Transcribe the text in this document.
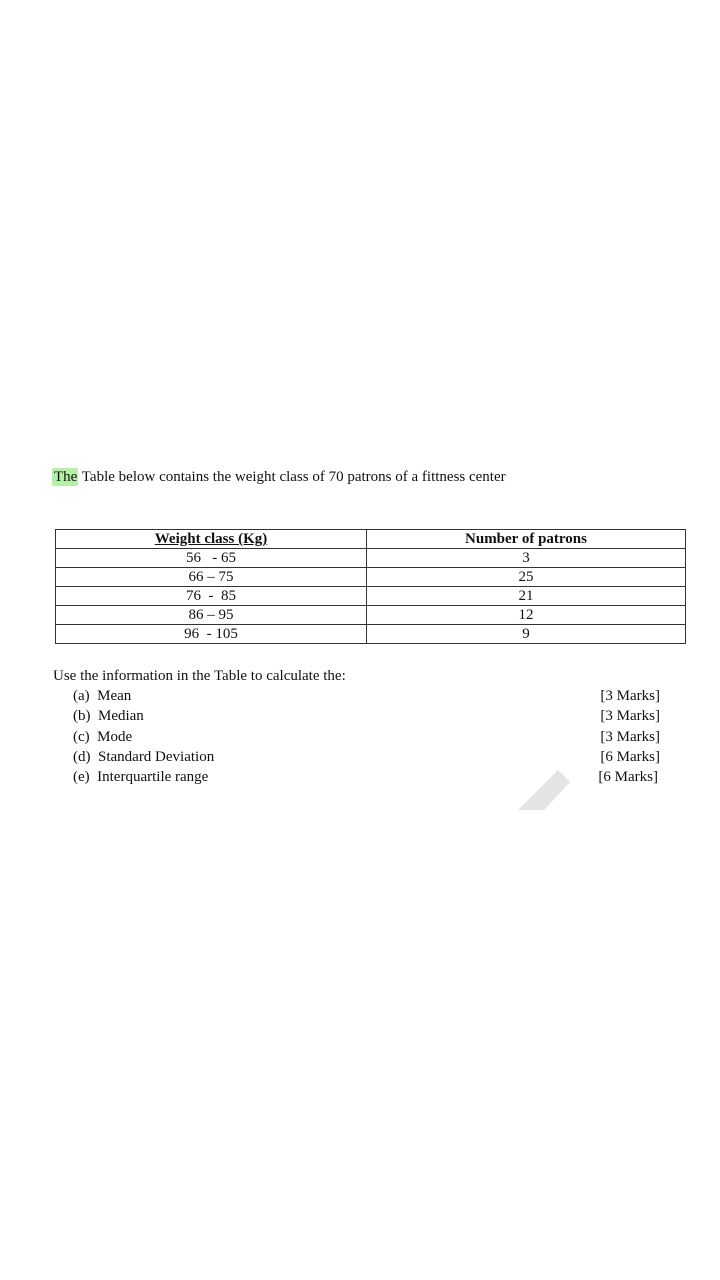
The Table below contains the weight class of 70 patrons of a fittness center
Weight class (Kg)	Number of patrons
56   - 65	3
66 – 75	25
76  -  85	21
86 – 95	12
96  - 105	9
Use the information in the Table to calculate the:
(a)  Mean	[3 Marks]
(b)  Median	[3 Marks]
(c)  Mode	[3 Marks]
(d)  Standard Deviation	[6 Marks]
(e)  Interquartile range	[6 Marks]
